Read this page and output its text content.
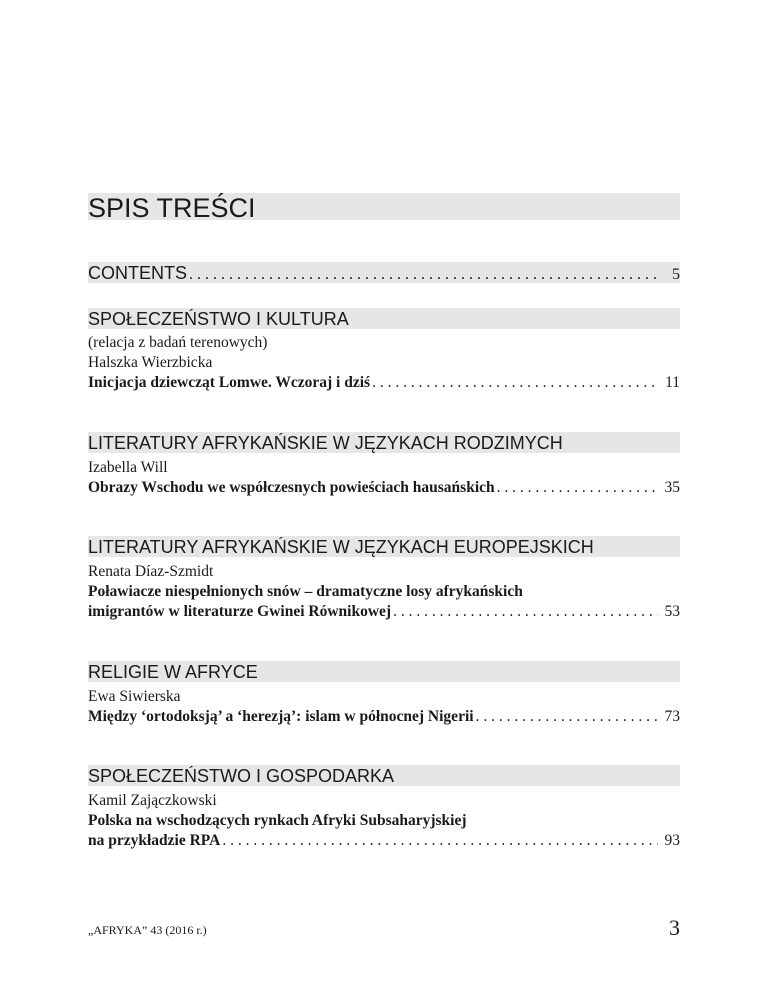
SPIS TREŚCI
CONTENTS . . .	5
SPOŁECZEŃSTWO I KULTURA
(relacja z badań terenowych)
Halszka Wierzbicka
Inicjacja dziewcząt Lomwe. Wczoraj i dziś . . .	11
LITERATURY AFRYKAŃSKIE W JĘZYKACH RODZIMYCH
Izabella Will
Obrazy Wschodu we współczesnych powieściach hausańskich . . .	35
LITERATURY AFRYKAŃSKIE W JĘZYKACH EUROPEJSKICH
Renata Díaz-Szmidt
Poławiacze niespełnionych snów – dramatyczne losy afrykańskich
imigrantów w literaturze Gwinei Równikowej . . .	53
RELIGIE W AFRYCE
Ewa Siwierska
Między ‘ortodoksją’ a ‘herezją’: islam w północnej Nigerii . . .	73
SPOŁECZEŃSTWO I GOSPODARKA
Kamil Zajączkowski
Polska na wschodzących rynkach Afryki Subsaharyjskiej
na przykładzie RPA . . .	93
„AFRYKA” 43 (2016 r.)	3
